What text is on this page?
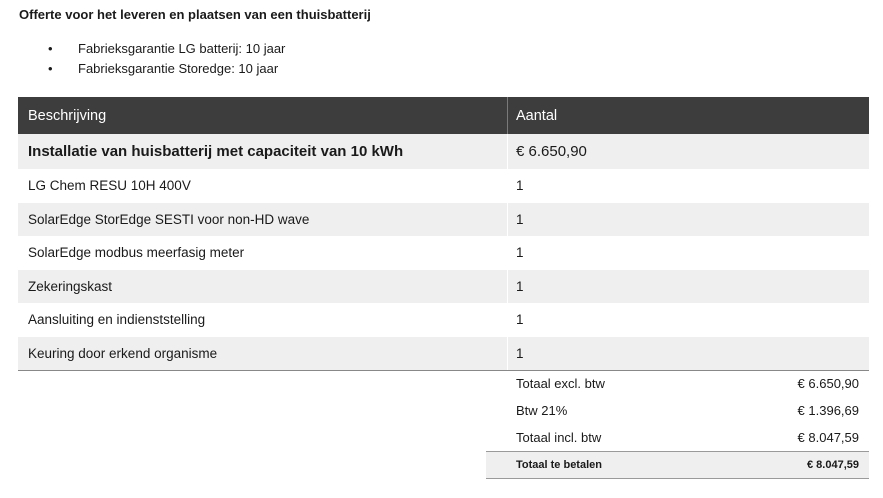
Offerte voor het leveren en plaatsen van een thuisbatterij
• Fabrieksgarantie LG batterij: 10 jaar
• Fabrieksgarantie Storedge: 10 jaar
Beschrijving	Aantal
Installatie van huisbatterij met capaciteit van 10 kWh	€ 6.650,90
LG Chem RESU 10H 400V	1
SolarEdge StorEdge SESTI voor non-HD wave	1
SolarEdge modbus meerfasig meter	1
Zekeringskast	1
Aansluiting en indienststelling	1
Keuring door erkend organisme	1
Totaal excl. btw	€ 6.650,90
Btw 21%	€ 1.396,69
Totaal incl. btw	€ 8.047,59
Totaal te betalen	€ 8.047,59
